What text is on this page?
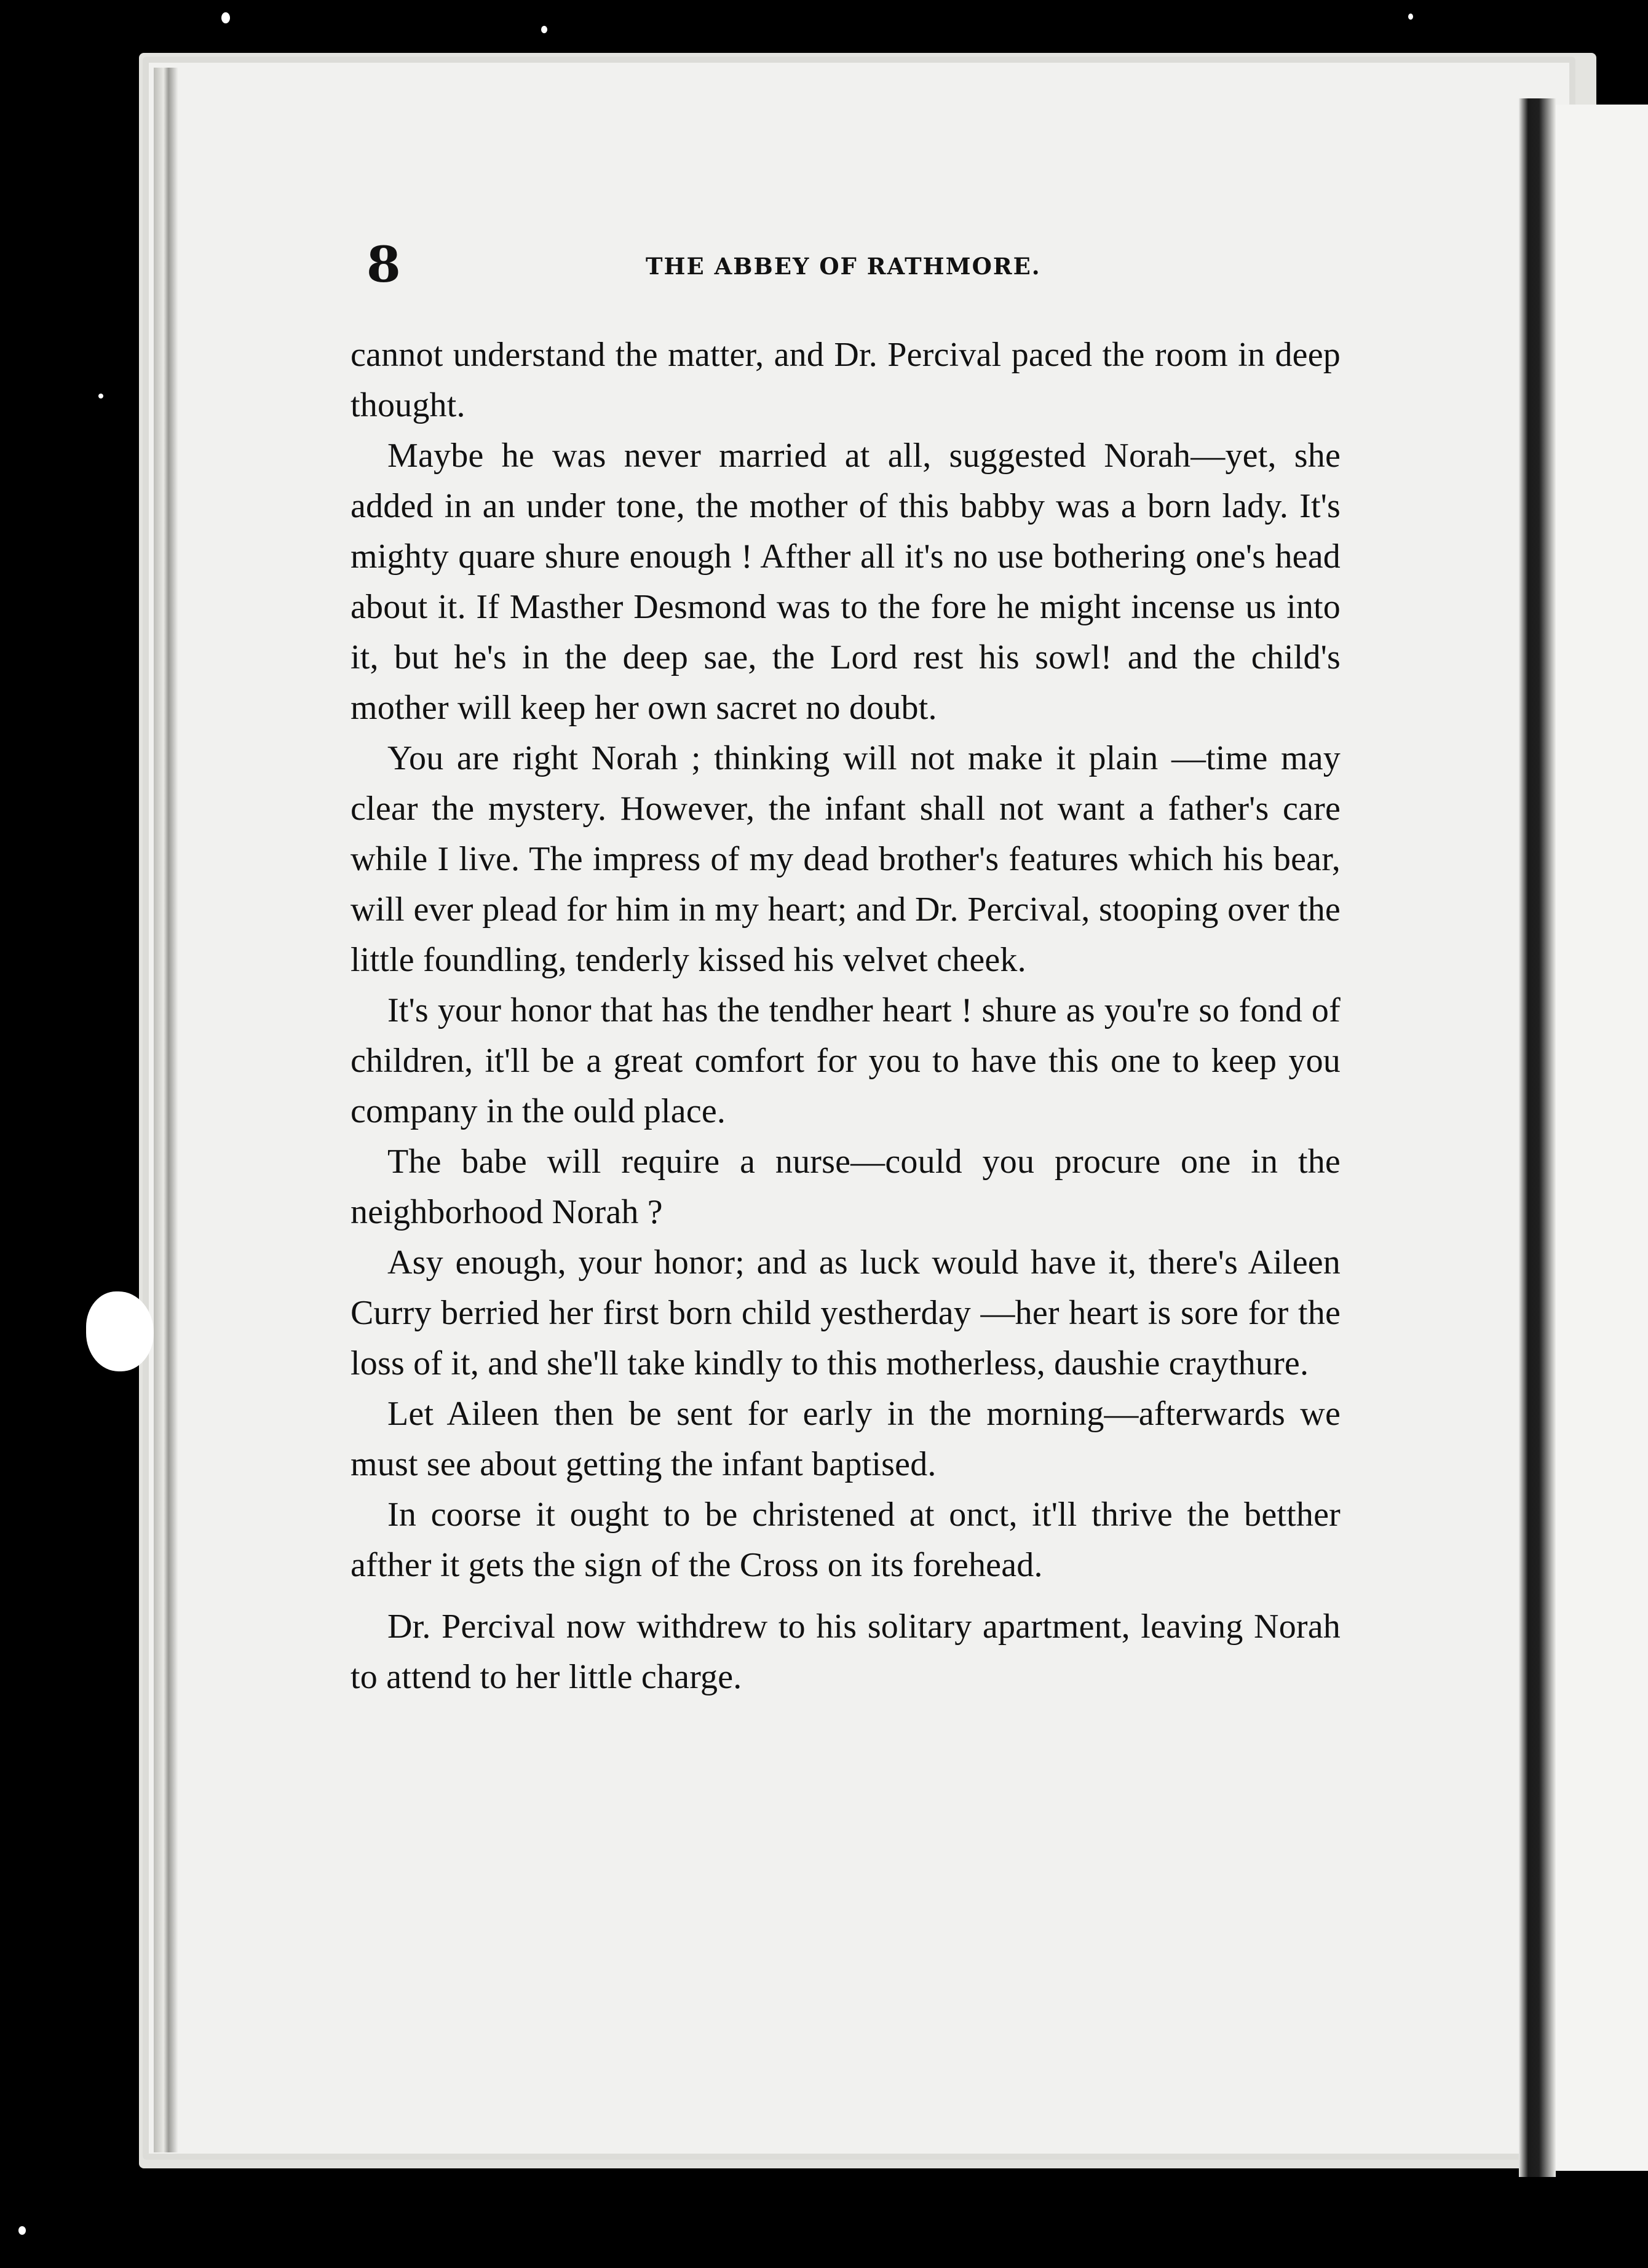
8	THE ABBEY OF RATHMORE.

cannot understand the matter, and Dr. Percival paced the room in deep thought.

Maybe he was never married at all, suggested Norah—yet, she added in an under tone, the mother of this babby was a born lady. It's mighty quare shure enough ! Afther all it's no use bothering one's head about it. If Masther Desmond was to the fore he might incense us into it, but he's in the deep sae, the Lord rest his sowl! and the child's mother will keep her own sacret no doubt.

You are right Norah ; thinking will not make it plain —time may clear the mystery. However, the infant shall not want a father's care while I live. The impress of my dead brother's features which his bear, will ever plead for him in my heart; and Dr. Percival, stooping over the little foundling, tenderly kissed his velvet cheek.

It's your honor that has the tendher heart ! shure as you're so fond of children, it'll be a great comfort for you to have this one to keep you company in the ould place.

The babe will require a nurse—could you procure one in the neighborhood Norah ?

Asy enough, your honor; and as luck would have it, there's Aileen Curry berried her first born child yestherday —her heart is sore for the loss of it, and she'll take kindly to this motherless, daushie craythure.

Let Aileen then be sent for early in the morning—afterwards we must see about getting the infant baptised.

In coorse it ought to be christened at onct, it'll thrive the betther afther it gets the sign of the Cross on its forehead.

Dr. Percival now withdrew to his solitary apartment, leaving Norah to attend to her little charge.
